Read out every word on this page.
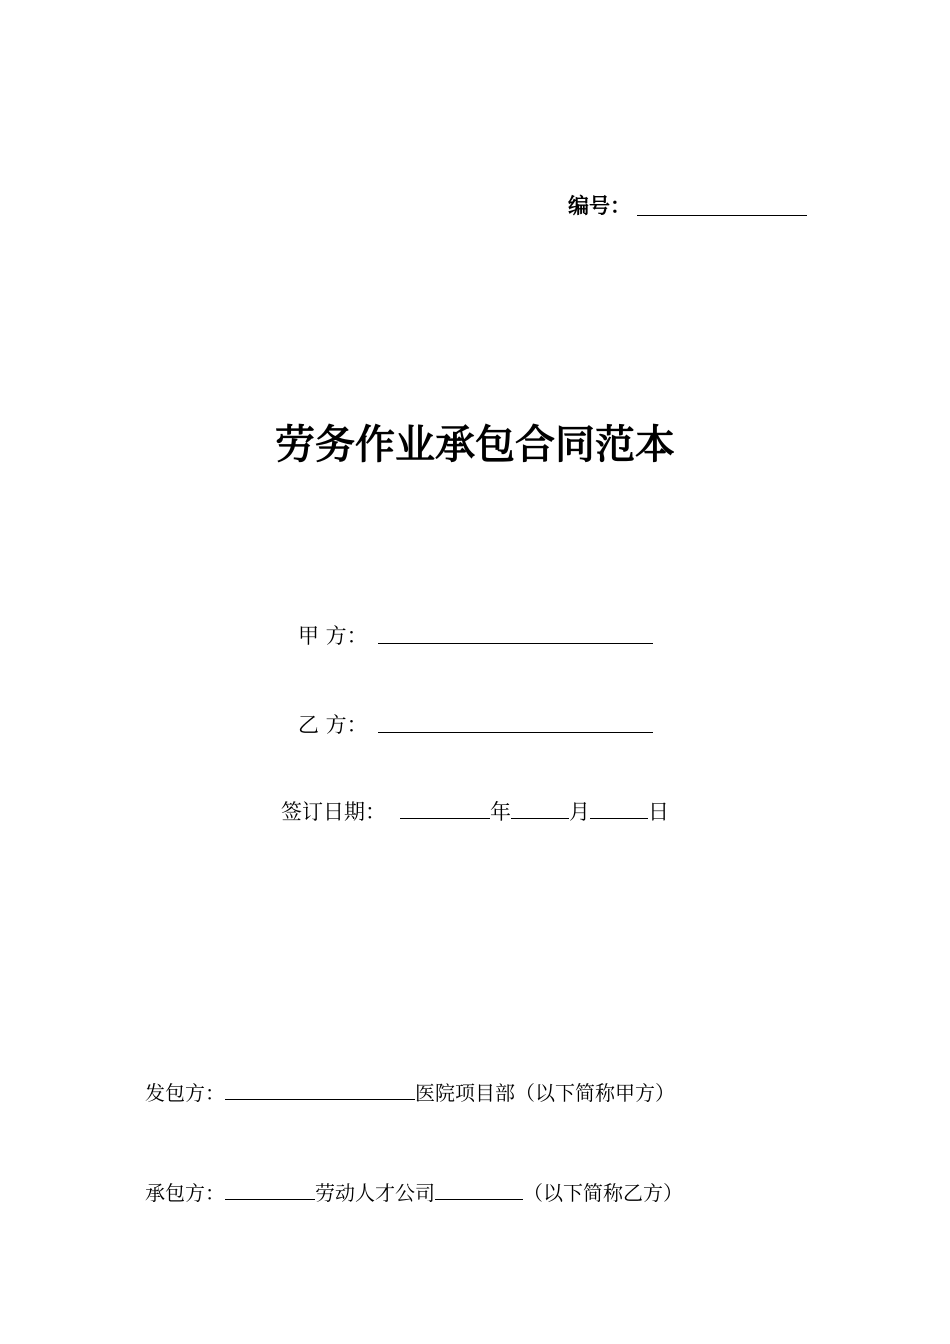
编号：
劳务作业承包合同范本
甲 方：
乙 方：
签订日期：	年	月	日
发包方：	医院项目部（以下简称甲方）
承包方：	劳动人才公司	（以下简称乙方）
